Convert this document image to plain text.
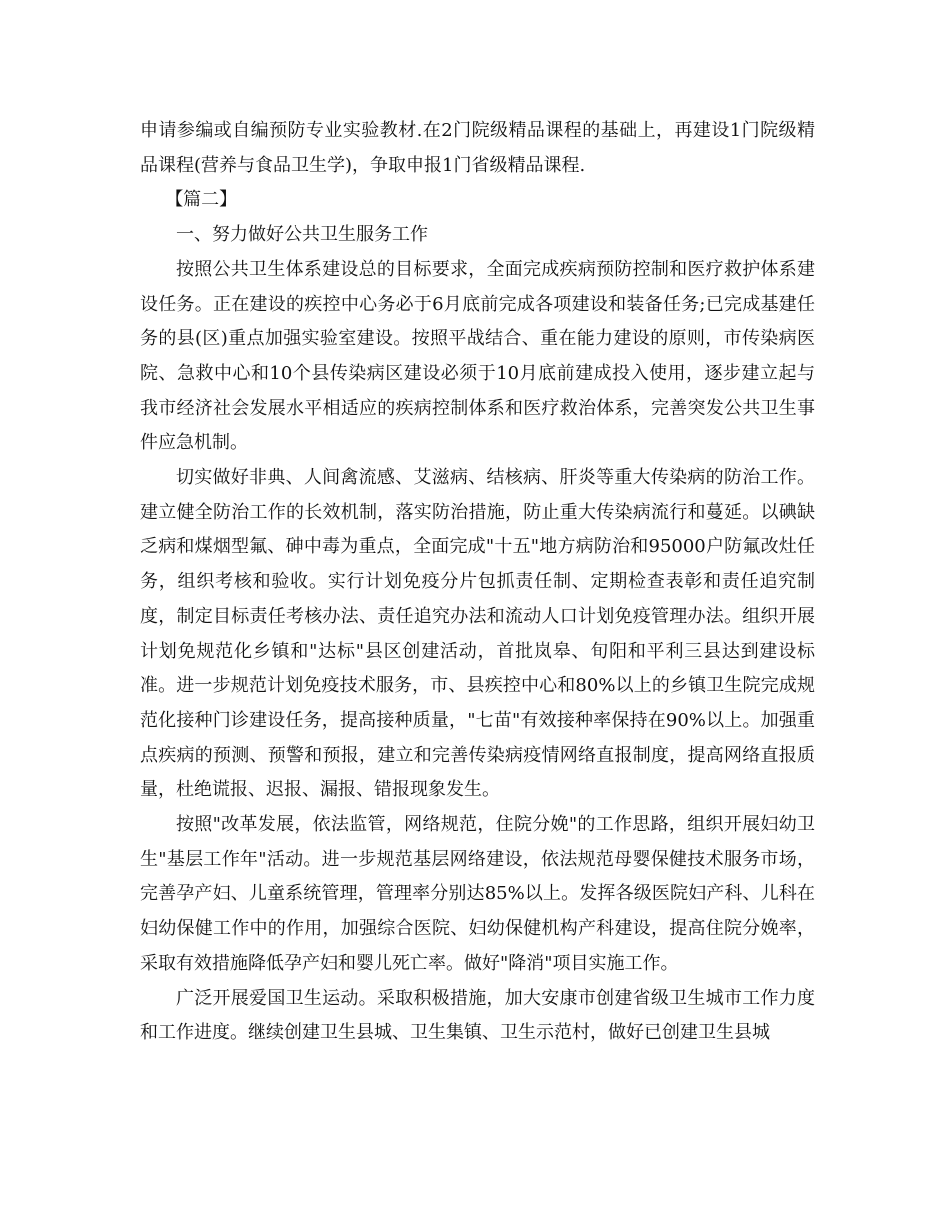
申请参编或自编预防专业实验教材.在2门院级精品课程的基础上，再建设1门院级精品课程(营养与食品卫生学)，争取申报1门省级精品课程.

【篇二】

一、努力做好公共卫生服务工作

按照公共卫生体系建设总的目标要求，全面完成疾病预防控制和医疗救护体系建设任务。正在建设的疾控中心务必于6月底前完成各项建设和装备任务;已完成基建任务的县(区)重点加强实验室建设。按照平战结合、重在能力建设的原则，市传染病医院、急救中心和10个县传染病区建设必须于10月底前建成投入使用，逐步建立起与我市经济社会发展水平相适应的疾病控制体系和医疗救治体系，完善突发公共卫生事件应急机制。

切实做好非典、人间禽流感、艾滋病、结核病、肝炎等重大传染病的防治工作。建立健全防治工作的长效机制，落实防治措施，防止重大传染病流行和蔓延。以碘缺乏病和煤烟型氟、砷中毒为重点，全面完成"十五"地方病防治和95000户防氟改灶任务，组织考核和验收。实行计划免疫分片包抓责任制、定期检查表彰和责任追究制度，制定目标责任考核办法、责任追究办法和流动人口计划免疫管理办法。组织开展计划免规范化乡镇和"达标"县区创建活动，首批岚皋、旬阳和平利三县达到建设标准。进一步规范计划免疫技术服务，市、县疾控中心和80%以上的乡镇卫生院完成规范化接种门诊建设任务，提高接种质量，"七苗"有效接种率保持在90%以上。加强重点疾病的预测、预警和预报，建立和完善传染病疫情网络直报制度，提高网络直报质量，杜绝谎报、迟报、漏报、错报现象发生。

按照"改革发展，依法监管，网络规范，住院分娩"的工作思路，组织开展妇幼卫生"基层工作年"活动。进一步规范基层网络建设，依法规范母婴保健技术服务市场，完善孕产妇、儿童系统管理，管理率分别达85%以上。发挥各级医院妇产科、儿科在妇幼保健工作中的作用，加强综合医院、妇幼保健机构产科建设，提高住院分娩率，采取有效措施降低孕产妇和婴儿死亡率。做好"降消"项目实施工作。

广泛开展爱国卫生运动。采取积极措施，加大安康市创建省级卫生城市工作力度和工作进度。继续创建卫生县城、卫生集镇、卫生示范村，做好已创建卫生县城
